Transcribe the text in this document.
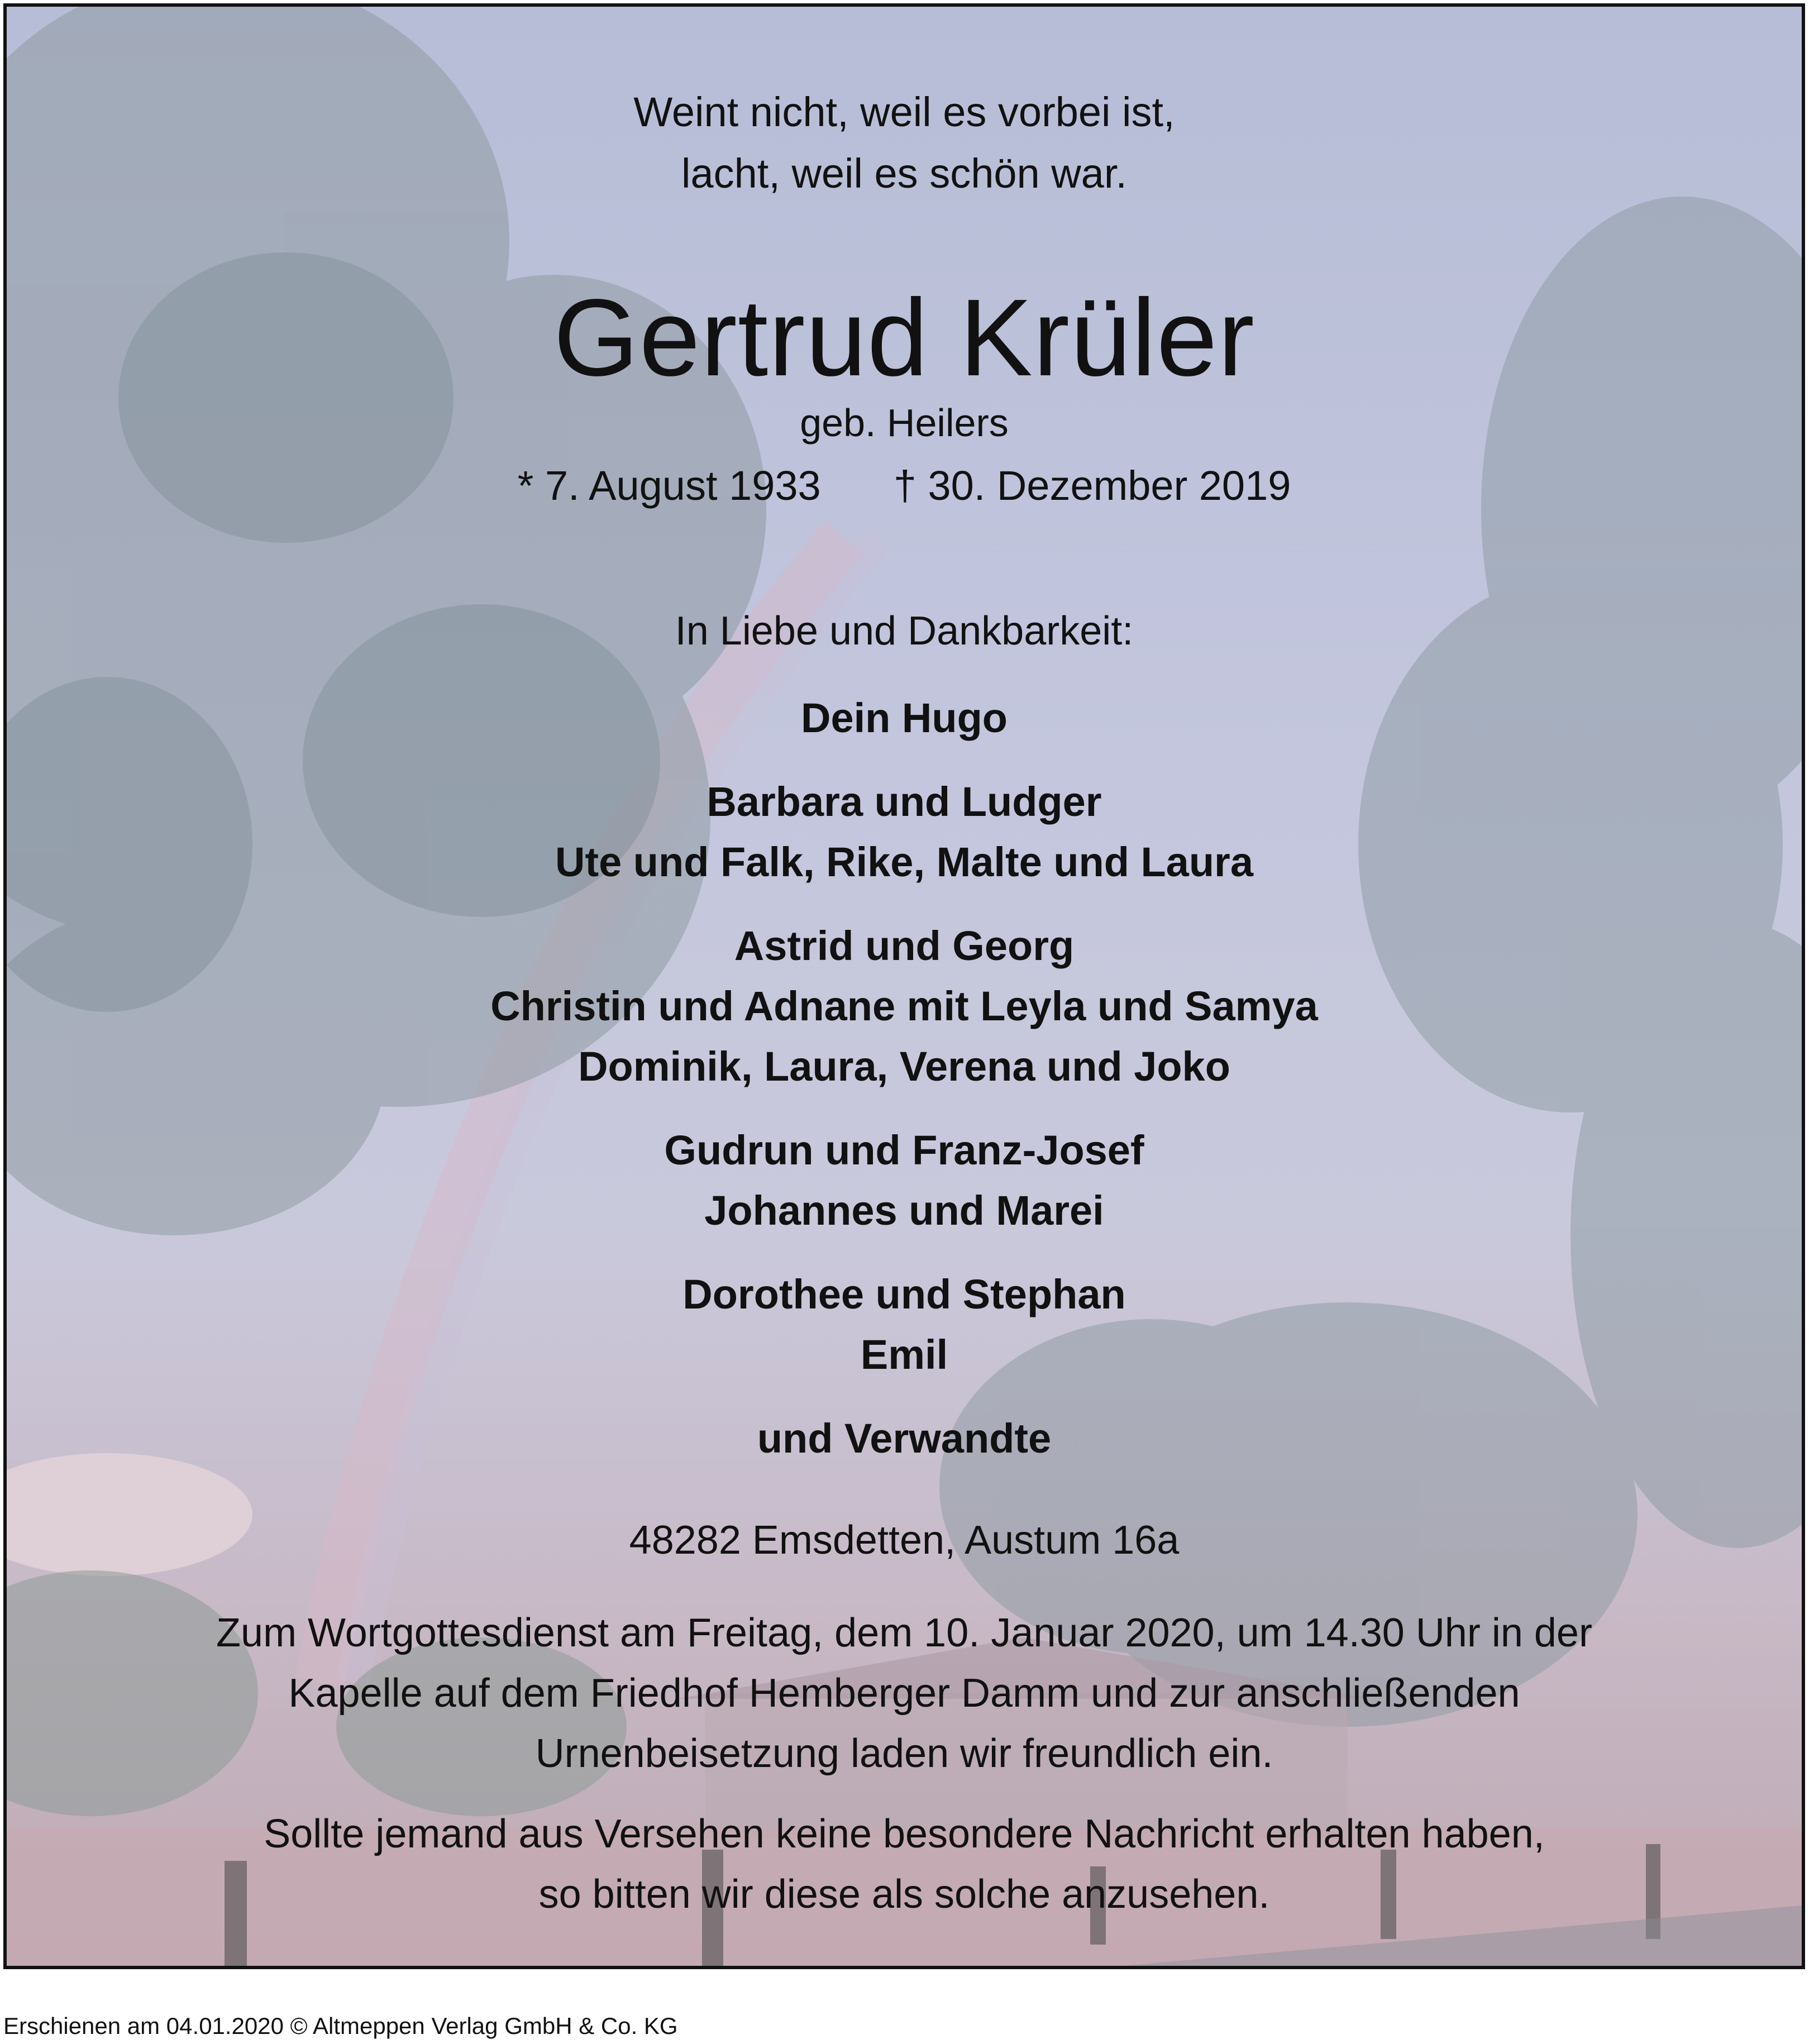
Weint nicht, weil es vorbei ist,
lacht, weil es schön war.
Gertrud Krüler
geb. Heilers
* 7. August 1933 † 30. Dezember 2019
In Liebe und Dankbarkeit:
Dein Hugo
Barbara und Ludger
Ute und Falk, Rike, Malte und Laura
Astrid und Georg
Christin und Adnane mit Leyla und Samya
Dominik, Laura, Verena und Joko
Gudrun und Franz-Josef
Johannes und Marei
Dorothee und Stephan
Emil
und Verwandte
48282 Emsdetten, Austum 16a
Zum Wortgottesdienst am Freitag, dem 10. Januar 2020, um 14.30 Uhr in der
Kapelle auf dem Friedhof Hemberger Damm und zur anschließenden
Urnenbeisetzung laden wir freundlich ein.
Sollte jemand aus Versehen keine besondere Nachricht erhalten haben,
so bitten wir diese als solche anzusehen.
Erschienen am 04.01.2020 © Altmeppen Verlag GmbH & Co. KG
